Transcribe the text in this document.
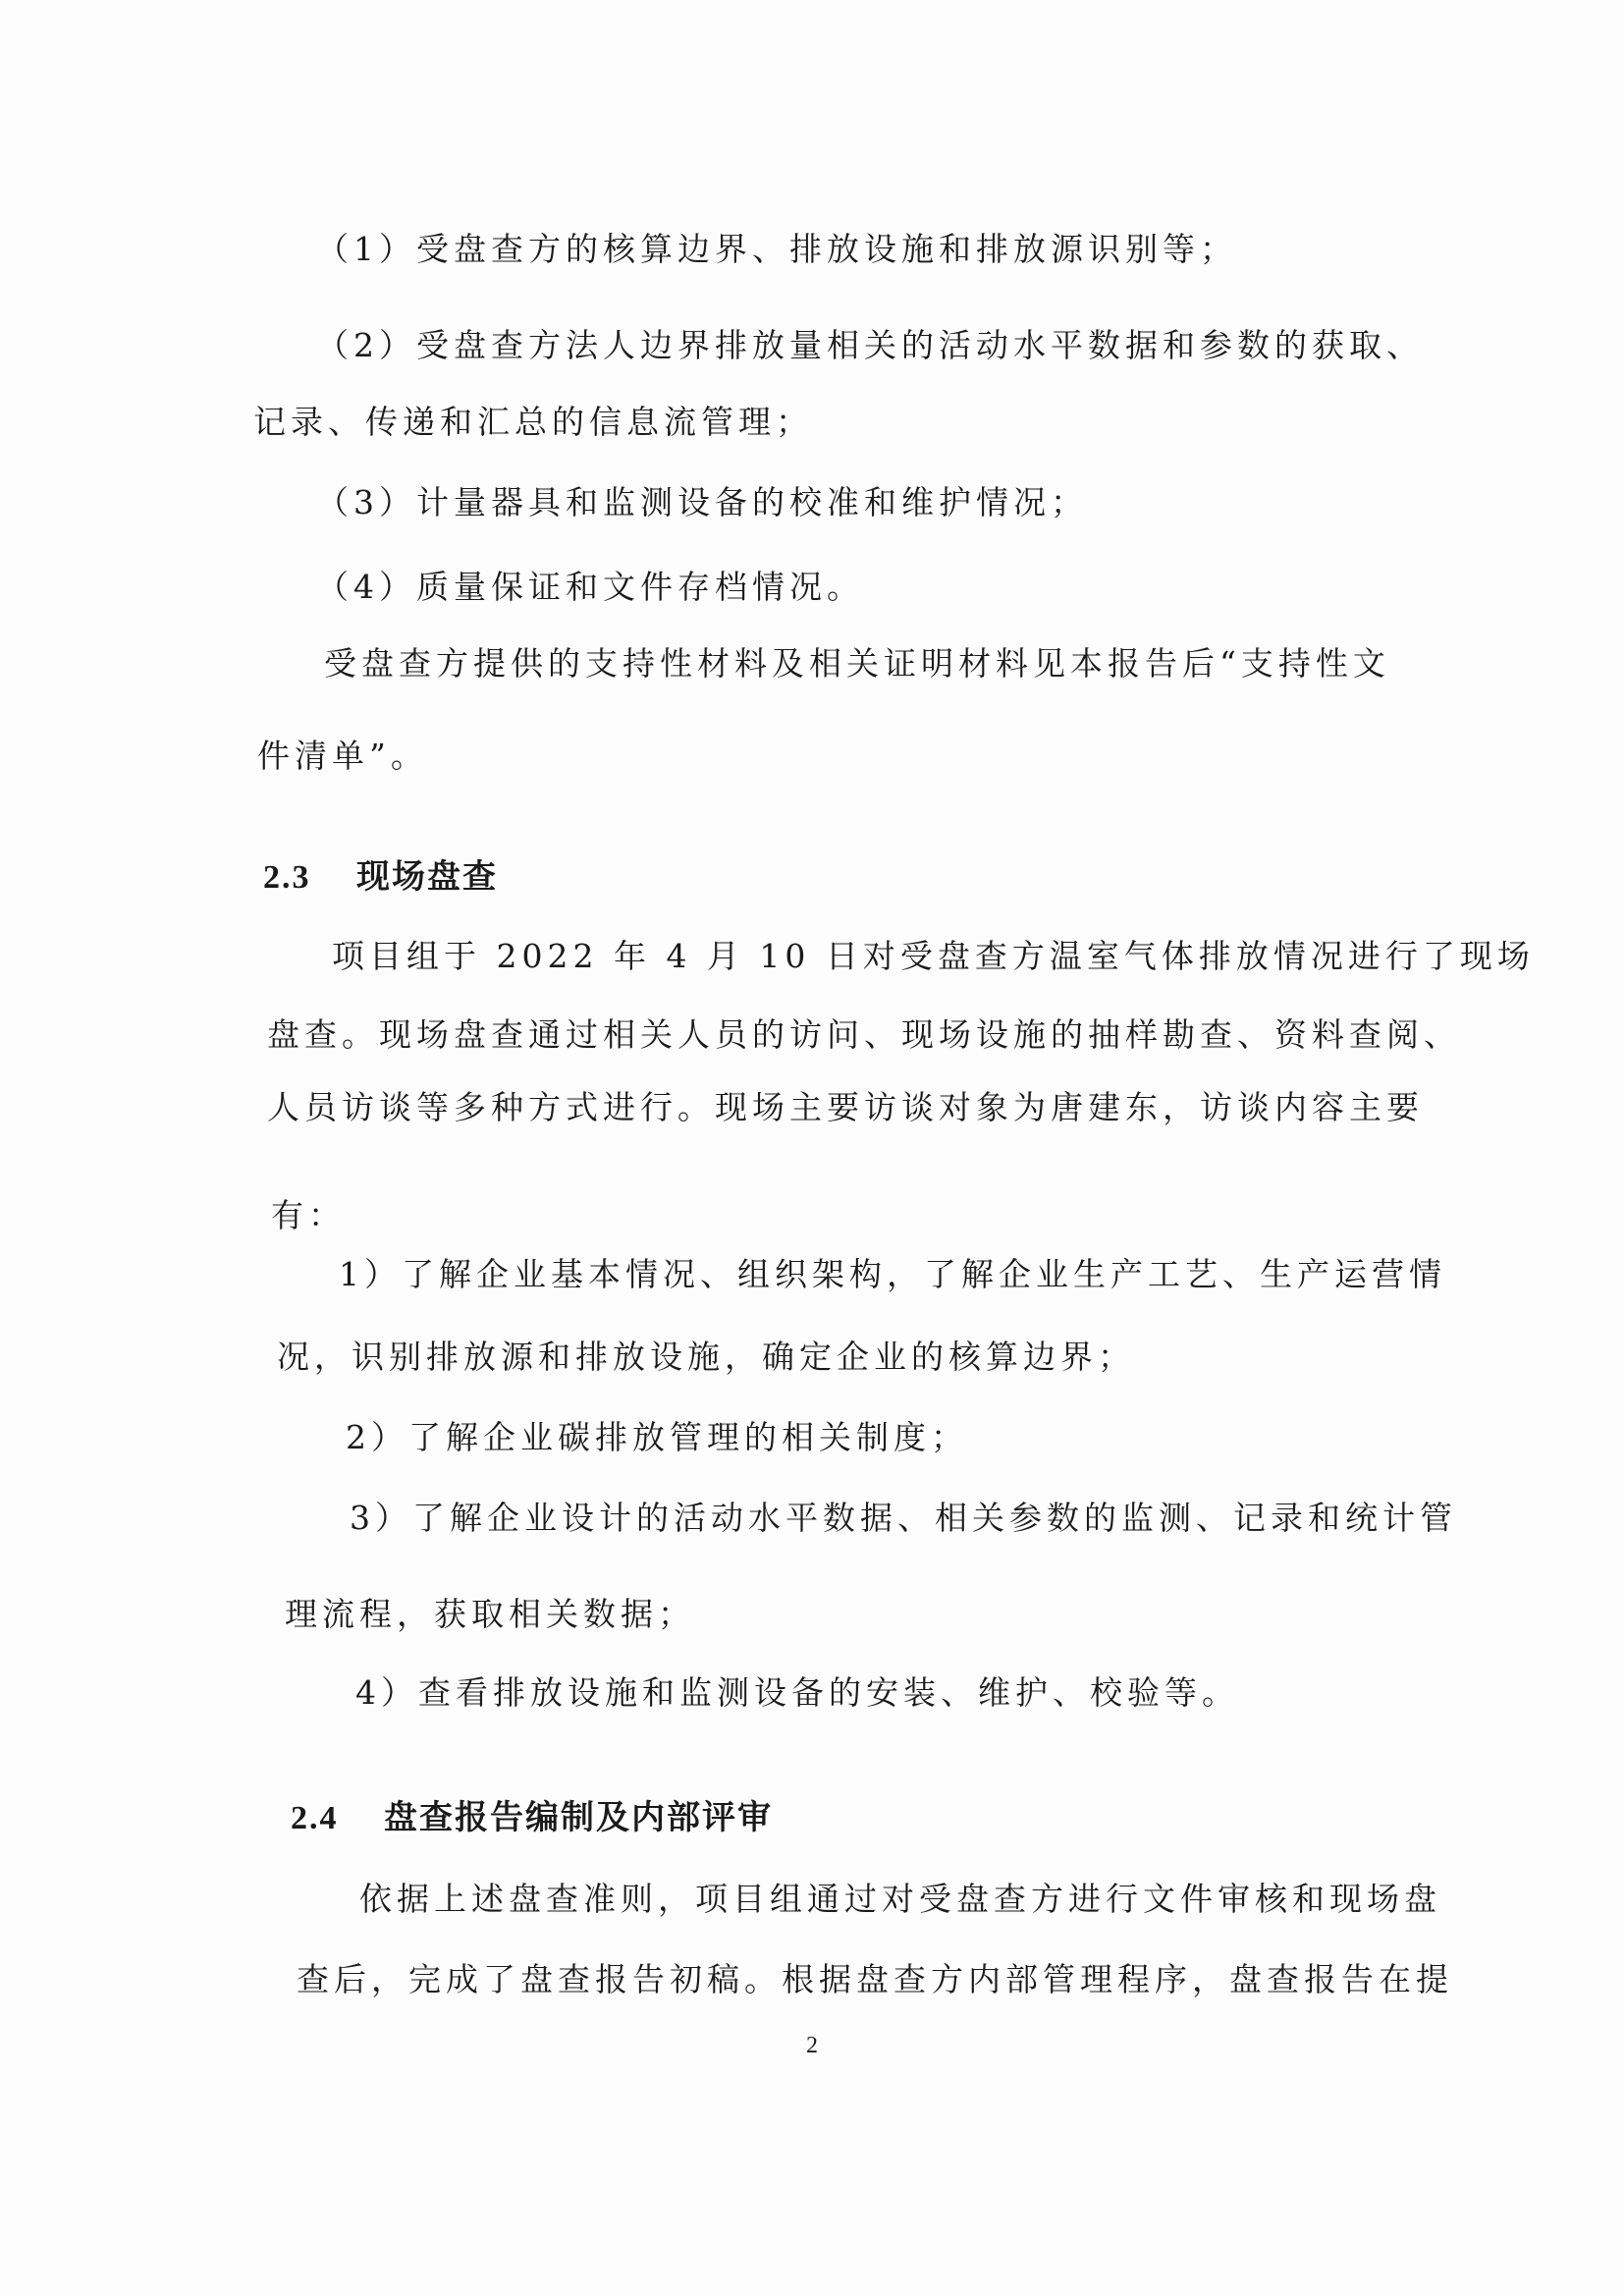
（1）受盘查方的核算边界、排放设施和排放源识别等；
（2）受盘查方法人边界排放量相关的活动水平数据和参数的获取、
记录、传递和汇总的信息流管理；
（3）计量器具和监测设备的校准和维护情况；
（4）质量保证和文件存档情况。
受盘查方提供的支持性材料及相关证明材料见本报告后“支持性文
件清单”。
2.3 现场盘查
项目组于 2022 年 4 月 10 日对受盘查方温室气体排放情况进行了现场
盘查。现场盘查通过相关人员的访问、现场设施的抽样勘查、资料查阅、
人员访谈等多种方式进行。现场主要访谈对象为唐建东，访谈内容主要
有：
1）了解企业基本情况、组织架构，了解企业生产工艺、生产运营情
况，识别排放源和排放设施，确定企业的核算边界；
2）了解企业碳排放管理的相关制度；
3）了解企业设计的活动水平数据、相关参数的监测、记录和统计管
理流程，获取相关数据；
4）查看排放设施和监测设备的安装、维护、校验等。
2.4 盘查报告编制及内部评审
依据上述盘查准则，项目组通过对受盘查方进行文件审核和现场盘
查后，完成了盘查报告初稿。根据盘查方内部管理程序，盘查报告在提
2
